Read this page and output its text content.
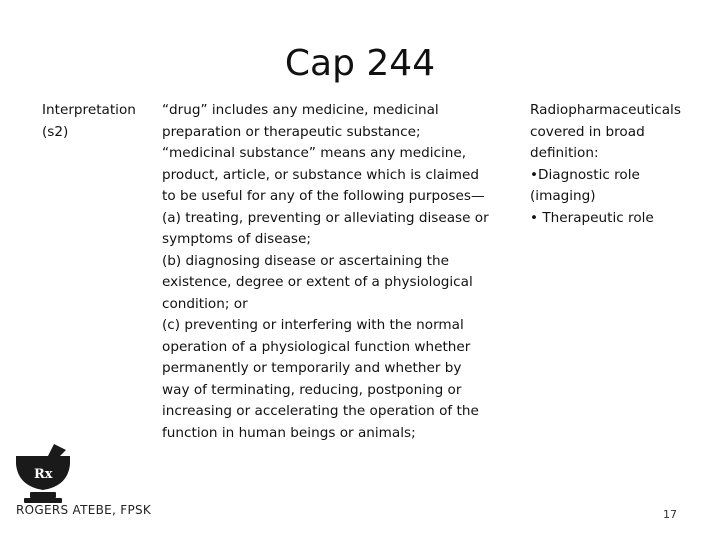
Cap 244
Interpretation
(s2)
“drug” includes any medicine, medicinal
preparation or therapeutic substance;
“medicinal substance” means any medicine,
product, article, or substance which is claimed
to be useful for any of the following purposes—
(a) treating, preventing or alleviating disease or
symptoms of disease;
(b) diagnosing disease or ascertaining the
existence, degree or extent of a physiological
condition; or
(c) preventing or interfering with the normal
operation of a physiological function whether
permanently or temporarily and whether by
way of terminating, reducing, postponing or
increasing or accelerating the operation of the
function in human beings or animals;
Radiopharmaceuticals
covered in broad
definition:
•Diagnostic role
(imaging)
• Therapeutic role
Rx
ROGERS ATEBE, FPSK	17
